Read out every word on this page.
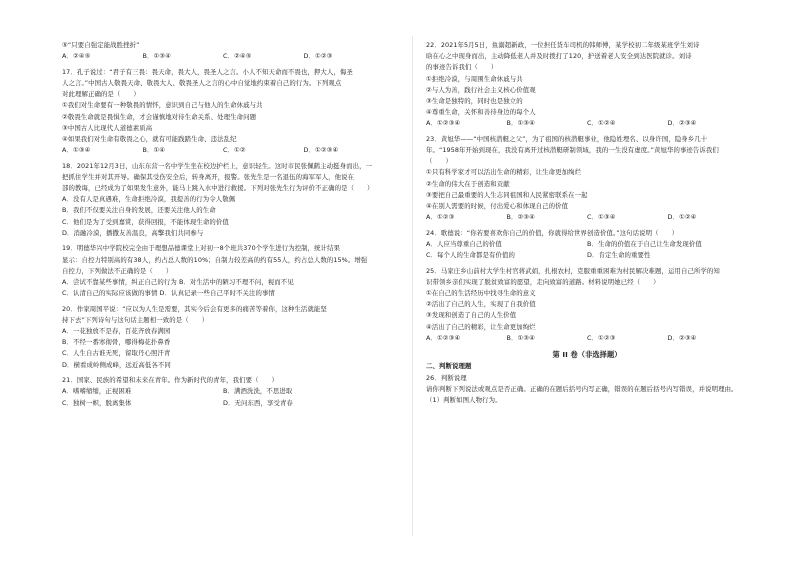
⑤“只要自强定能战胜挫折”
A．②④⑤	B．①③④	C．②④⑤	D．①②③
17．孔子说过：“君子有三畏：畏天命，畏大人，畏圣人之言。小人不知天命而不畏也，狎大人，侮圣
人之言。”中国古人敬畏天命、敬畏大人、敬畏圣人之言的心中自觉地约束着自己的行为。下列观点
对此理解正确的是（　　）
①我们对生命要有一种敬畏的情怀，意识到自己与他人的生命休戚与共
②敬畏生命就是畏惧生命，才会谨慎地对待生命关系、处理生命问题
③中国古人比现代人道德素质高
④如果我们对生命有敬畏之心，就有可能践踏生命、违法乱纪
A．①③④	B．①④	C．①②	D．①②③④
18．2021年12月3日，山东东营一名中学生坐在校边护栏上，意识轻生。这时市民张佩鹤主动挺身而出，一
把抓住学生并对其开导。确保其受伤安全后，转身离开，报警。张先生是一名退伍的海军军人，他说在
部的教诲，已经成为了如果发生意外，能马上跳入水中进行救援。下列对张先生行为评价不正确的是（　　）
A．没有人是真遇难，生命拒绝冷漠，我提善的行为令人敬佩
B．我们不仅要关注自身的发展，还要关注他人的生命
C．他们是为了受到嘉赏，获得回报，不能体现生命的价值
D．消融冷漠，播撒友善温良，高擎我们共同参与
19．明德华兴中学院校完全由于理想品德课堂上对初一8个班共370个学生进行为控制，统计结果
显示：自控力特别高的有38人，约占总人数的10%；自制力较差高的约有55人，约占总人数的15%。增强
自控力，下列做法不正确的是（　　）
A．尝试不靠某些事情，纠正自己的行为 B．对生活中的陋习不理不问，视而不见
C．认清自己的实际应该做的事情 D．认真记录一些自己平时不关注的事情
20．作家周国平说：“应以为人生是需要，其实今后会有更多的痛苦等着你，这种生活就能坚
持下去”下列诗句与这句话主题相一致的是（　　）
A．一花独放不是春，百花齐放春满园
B．不经一番寒彻骨，哪得梅花扑鼻香
C．人生自古谁无死，留取丹心照汗青
D．横看成岭侧成峰，远近高低各不同
21．国家、民族的希望和未来在青年。作为新时代的青年，我们要（　　）
A．嗜嗜缩缩，正视困难	B．满酒洗洗，不思进取
C．独树一帜，脱离集体	D．无问东西，享受青春
22．2021年5月5日，鱼溺超新政，一位担任货车司机的韩师傅，某学校初二年级某班学生刘诗
晗在心之中现身而出，主动降低老人并及时拨打了120，护送着老人安全到达医院就诊。刘诗
的事迹告诉我们（　　）
①拒绝冷漠，与周围生命休戚与共
②与人为善，践行社会主义核心价值观
③生命是独特的，同时也是独立的
④尊重生命，关怀和善待身边的每个人
A．①②③④	B．①③④	C．①②④	D．②③④
23．黄旭华——“中国核潜艇之父”，为了祖国的核潜艇事业，他隐姓埋名、以身许国，隐身乡几十
年。“1958年开始到现在，我没有离开过核潜艇研制领域，我的一生没有虚度。”黄旭华的事迹告诉我们
（　　）
①只有科学家才可以活出生命的精彩，让生命更加绚烂
②生命的伟大在于创造和贡献
③要把自己最重要的人生志同祖国和人民紧密联系在一起
④在别人需要的时候，付出爱心和体现自己的价值
A．①②③	B．②③④	C．①③④	D．①②④
24．歌德说：“你若要喜欢你自己的价值，你就得给世界创造价值。”这句话说明（　　）
A．人应当尊重自己的价值	B．生命的价值在于自己让生命发现价值
C．每个人的生命都是有价值的	D．肯定生命的重要性
25．马家庄乡山前村大学生村官蒋武娟，扎根农村，克服重重困难为村民解决难题，运用自己所学的知
识带领乡亲们实现了脱贫致富的愿望，走向致富的道路。材料说明她已经（　　）
①在自己的生活经历中找寻生命的意义
②活出了自己的人生，实现了自我价值
③发现和创造了自己的人生价值
④活出了自己的精彩，让生命更加绚烂
A．①②③④	B．①③④	C．①②③	D．②③④
第 II 卷（非选择题）
二、判断说理题
26．判断说理
请你判断下列说法或观点是否正确。正确的在题后括号内写正确，错误的在题后括号内写错误，并说明理由。
（1）判断如图人物行为。
